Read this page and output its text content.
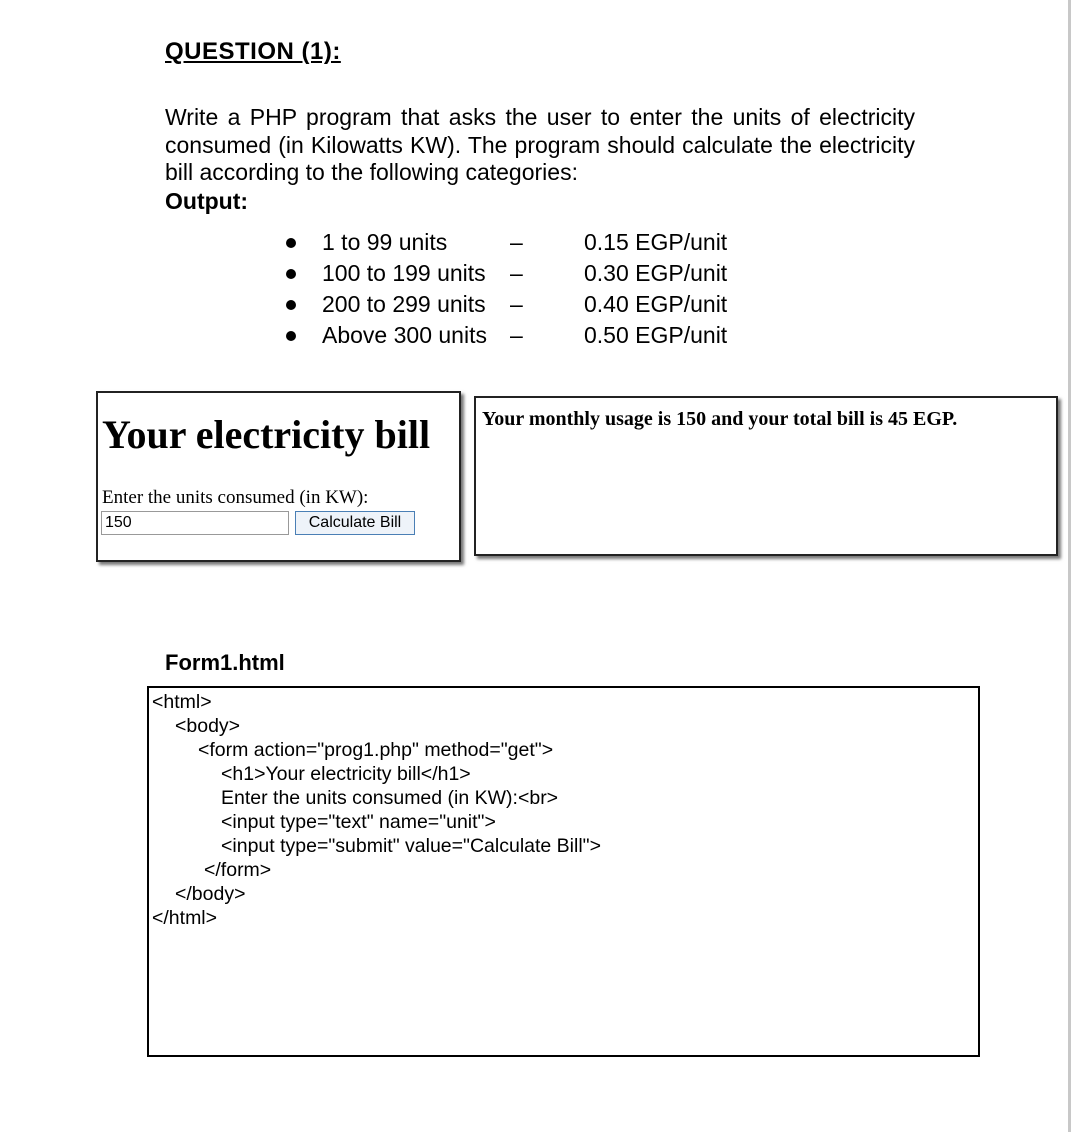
QUESTION (1):

Write a PHP program that asks the user to enter the units of electricity consumed (in Kilowatts KW). The program should calculate the electricity bill according to the following categories:

Output:

1 to 99 units	–	0.15 EGP/unit
100 to 199 units –	0.30 EGP/unit
200 to 299 units –	0.40 EGP/unit
Above 300 units –	0.50 EGP/unit
Your electricity bill
Enter the units consumed (in KW):
150
Calculate Bill
Your monthly usage is 150 and your total bill is 45 EGP.
Form1.html
<html>
<body>
<form action="prog1.php" method="get">
<h1>Your electricity bill</h1>
Enter the units consumed (in KW):<br>
<input type="text" name="unit">
<input type="submit" value="Calculate Bill">
</form>
</body>
</html>
